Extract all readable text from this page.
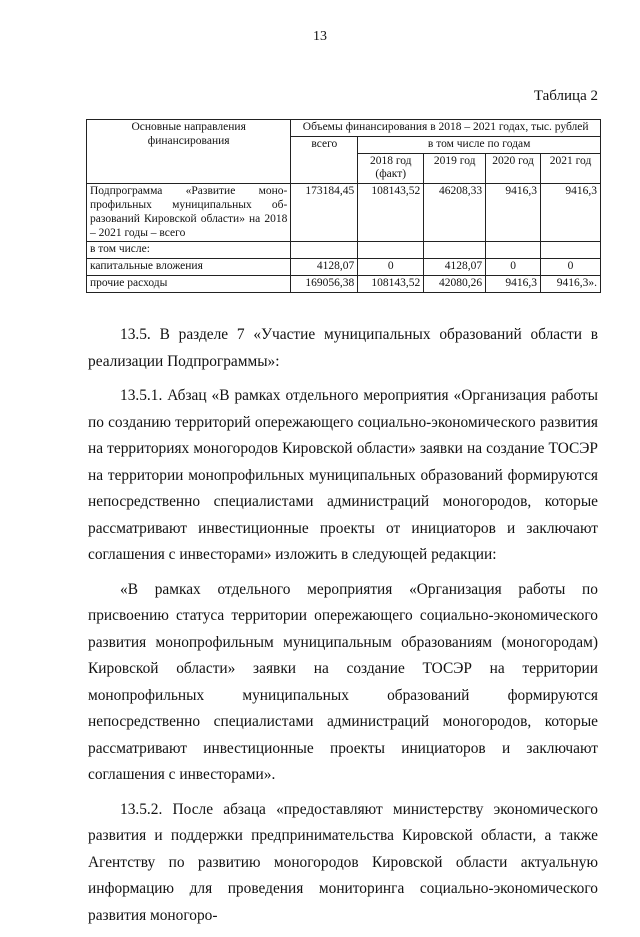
13
Таблица 2
Основные направления финансирования	Объемы финансирования в 2018 – 2021 годах, тыс. рублей				
	всего	в том числе по годам			
		2018 год (факт)	2019 год	2020 год	2021 год
Подпрограмма «Развитие моно-профильных муниципальных об-разований Кировской области» на 2018 – 2021 годы – всего	173184,45	108143,52	46208,33	9416,3	9416,3
в том числе:					
капитальные вложения	4128,07	0	4128,07	0	0
прочие расходы	169056,38	108143,52	42080,26	9416,3	9416,3».

13.5. В разделе 7 «Участие муниципальных образований области в реализации Подпрограммы»:

13.5.1. Абзац «В рамках отдельного мероприятия «Организация работы по созданию территорий опережающего социально-экономического развития на территориях моногородов Кировской области» заявки на создание ТОСЭР на территории монопрофильных муниципальных образований формируются непосредственно специалистами администраций моногородов, которые рассматривают инвестиционные проекты от инициаторов и заключают соглашения с инвесторами» изложить в следующей редакции:

«В рамках отдельного мероприятия «Организация работы по присвоению статуса территории опережающего социально-экономического развития монопрофильным муниципальным образованиям (моногородам) Кировской области» заявки на создание ТОСЭР на территории монопрофильных муниципальных образований формируются непосредственно специалистами администраций моногородов, которые рассматривают инвестиционные проекты инициаторов и заключают соглашения с инвесторами».

13.5.2. После абзаца «предоставляют министерству экономического развития и поддержки предпринимательства Кировской области, а также Агентству по развитию моногородов Кировской области актуальную информацию для проведения мониторинга социально-экономического развития моногоро-
